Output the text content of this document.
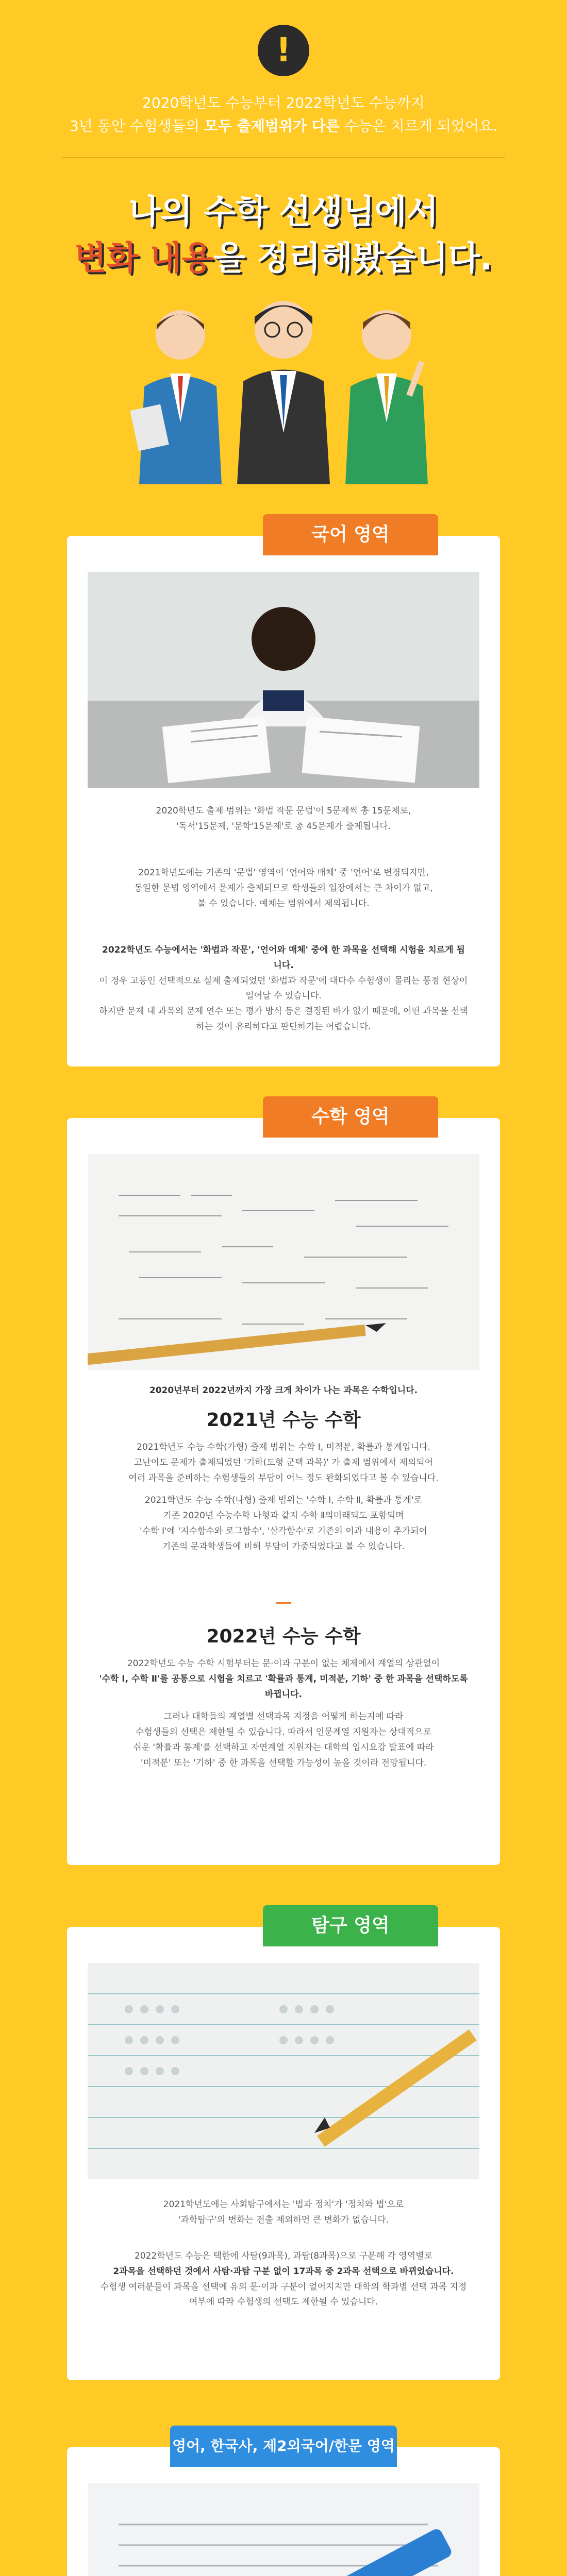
!
2020학년도 수능부터 2022학년도 수능까지
3년 동안 수험생들의 모두 출제범위가 다른 수능은 치르게 되었어요.
나의 수학 선생님에서
변화 내용을 정리해봤습니다.
국어 영역
2020학년도 출제 범위는 '화법 작문 문법'이 5문제씩 총 15문제로,
'독서'15문제, '문학'15문제'로 총 45문제가 출제됩니다.
2021학년도에는 기존의 '문법' 영역이 '언어와 매체' 중 '언어'로 변경되지만,
동일한 문법 영역에서 문제가 출제되므로 학생들의 입장에서는 큰 차이가 없고,
불 수 있습니다. 예체는 범위에서 제외됩니다.
2022학년도 수능에서는 '화법과 작문', '언어와 매체' 중에 한 과목을 선택해 시험을 치르게 됩니다.
이 경우 고등인 선택적으로 실제 출제되었던 '화법과 작문'에 대다수 수험생이 몰리는 풍점 현상이 일어날 수 있습니다.
하지만 문제 내 과목의 문제 연수 또는 평가 방식 등은 결정된 바가 없기 때문에, 어떤 과목을 선택하는 것이 유리하다고 판단하기는 어렵습니다.
수학 영역
2020년부터 2022년까지 가장 크게 차이가 나는 과목은 수학입니다.
2021년 수능 수학
2021학년도 수능 수학(가형) 출제 범위는 수학 Ⅰ, 미적분, 확률과 통계입니다.
고난이도 문제가 출제되었던 '기하(도형 군택 과목)' 가 출제 범위에서 제외되어
여러 과목을 준비하는 수험생들의 부담이 어느 정도 완화되었다고 볼 수 있습니다.
2021학년도 수능 수학(나형) 출제 범위는 '수학 Ⅰ, 수학 Ⅱ, 확률과 통계'로
기존 2020년 수능수학 나형과 같지 수학 Ⅱ의미래되도 포함되며
'수학 Ⅰ'에 '지수함수와 로그함수', '삼각함수'로 기존의 이과 내용이 추가되어
기존의 문과학생들에 비해 부담이 가중되었다고 볼 수 있습니다.
2022년 수능 수학
2022학년도 수능 수학 시험부터는 문·이과 구분이 없는 체제에서 계열의 상관없이
'수학 Ⅰ, 수학 Ⅱ'를 공통으로 시험을 치르고 '확률과 통계, 미적분, 기하' 중 한 과목을 선택하도록 바뀝니다.
그러나 대학들의 계열별 선택과목 지정을 어떻게 하는지에 따라
수험생들의 선택은 제한될 수 있습니다. 따라서 인문계열 지원자는 상대적으로
쉬운 '확률과 통계'를 선택하고 자연계열 지원자는 대학의 입시요강 발표에 따라
'미적분' 또는 '기하' 중 한 과목을 선택할 가능성이 높을 것이라 전망됩니다.
탐구 영역
2021학년도에는 사회탐구에서는 '법과 정치'가 '정치와 법'으로
'과학탐구'의 변화는 전출 제외하면 큰 변화가 없습니다.
2022학년도 수능은 택한에 사탐(9과목), 과탐(8과목)으로 구분해 각 영역별로
2과목을 선택하던 것에서 사탐·과탐 구분 없이 17과목 중 2과목 선택으로 바뀌었습니다.
수험생 여러분들이 과목을 선택에 유의 문·이과 구분이 없어지지만 대학의 학과별 선택 과목 지정 여부에 따라 수험생의 선택도 제한될 수 있습니다.
영어, 한국사, 제2외국어/한문 영역
